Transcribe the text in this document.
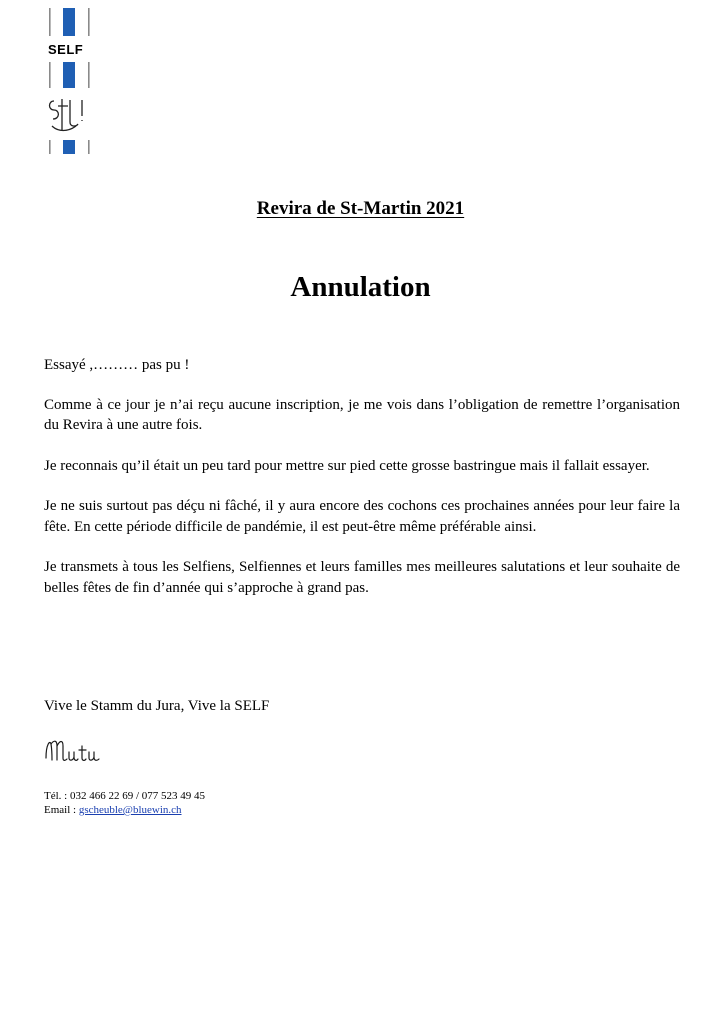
SELF
Revira de St-Martin 2021
Annulation

Essayé ,……… pas pu !

Comme à ce jour je n’ai reçu aucune inscription, je me vois dans l’obligation de remettre l’organisation du Revira à une autre fois.

Je reconnais qu’il était un peu tard pour mettre sur pied cette grosse bastringue mais il fallait essayer.

Je ne suis surtout pas déçu ni fâché, il y aura encore des cochons ces prochaines années pour leur faire la fête. En cette période difficile de pandémie, il est peut-être même préférable ainsi.

Je transmets à tous les Selfiens, Selfiennes et leurs familles mes meilleures salutations et leur souhaite de belles fêtes de fin d’année qui s’approche à grand pas.

Vive le Stamm du Jura, Vive la SELF
Tél. : 032 466 22 69 / 077 523 49 45
Email : gscheuble@bluewin.ch
